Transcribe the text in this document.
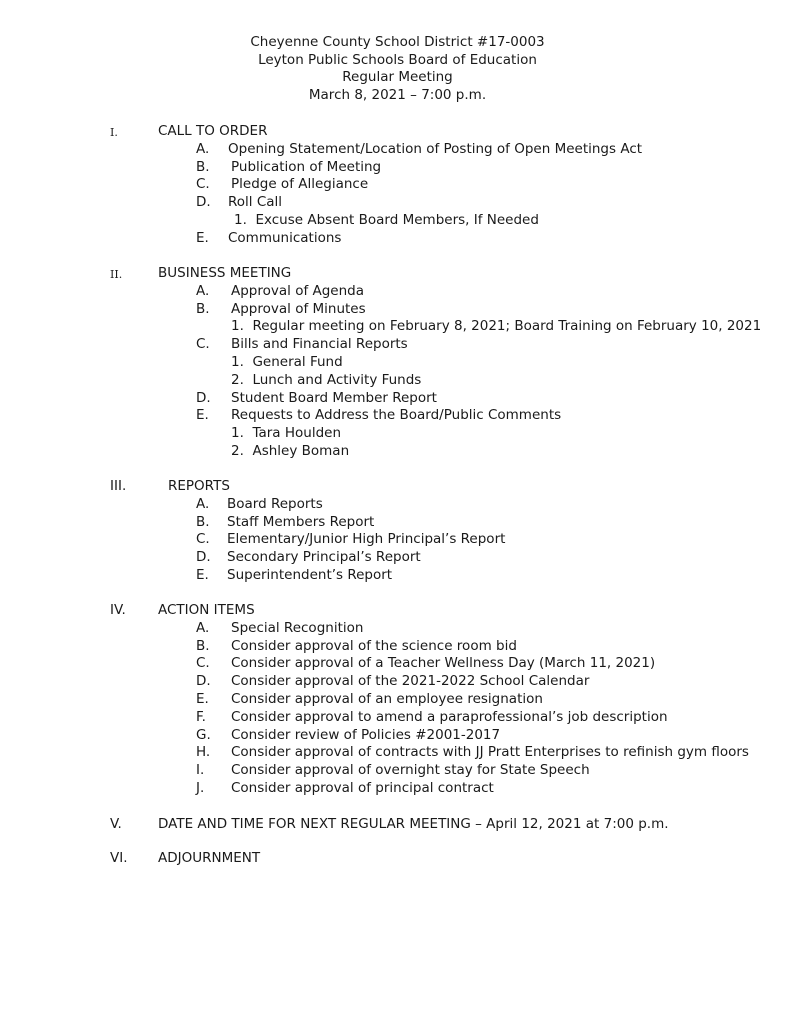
Cheyenne County School District #17-0003
Leyton Public Schools Board of Education
Regular Meeting
March 8, 2021 – 7:00 p.m.
I.	CALL TO ORDER
A. Opening Statement/Location of Posting of Open Meetings Act
B. Publication of Meeting
C. Pledge of Allegiance
D. Roll Call
1.  Excuse Absent Board Members, If Needed
E. Communications
II.	BUSINESS MEETING
A. Approval of Agenda
B. Approval of Minutes
1.  Regular meeting on February 8, 2021; Board Training on February 10, 2021
C. Bills and Financial Reports
1.  General Fund
2.  Lunch and Activity Funds
D. Student Board Member Report
E. Requests to Address the Board/Public Comments
1.  Tara Houlden
2.  Ashley Boman
III.	REPORTS
A. Board Reports
B. Staff Members Report
C. Elementary/Junior High Principal’s Report
D. Secondary Principal’s Report
E. Superintendent’s Report
IV. ACTION ITEMS
A. Special Recognition
B. Consider approval of the science room bid
C. Consider approval of a Teacher Wellness Day (March 11, 2021)
D. Consider approval of the 2021-2022 School Calendar
E. Consider approval of an employee resignation
F. Consider approval to amend a paraprofessional’s job description
G. Consider review of Policies #2001-2017
H. Consider approval of contracts with JJ Pratt Enterprises to refinish gym floors
I. Consider approval of overnight stay for State Speech
J. Consider approval of principal contract
V.	DATE AND TIME FOR NEXT REGULAR MEETING – April 12, 2021 at 7:00 p.m.
VI. ADJOURNMENT
